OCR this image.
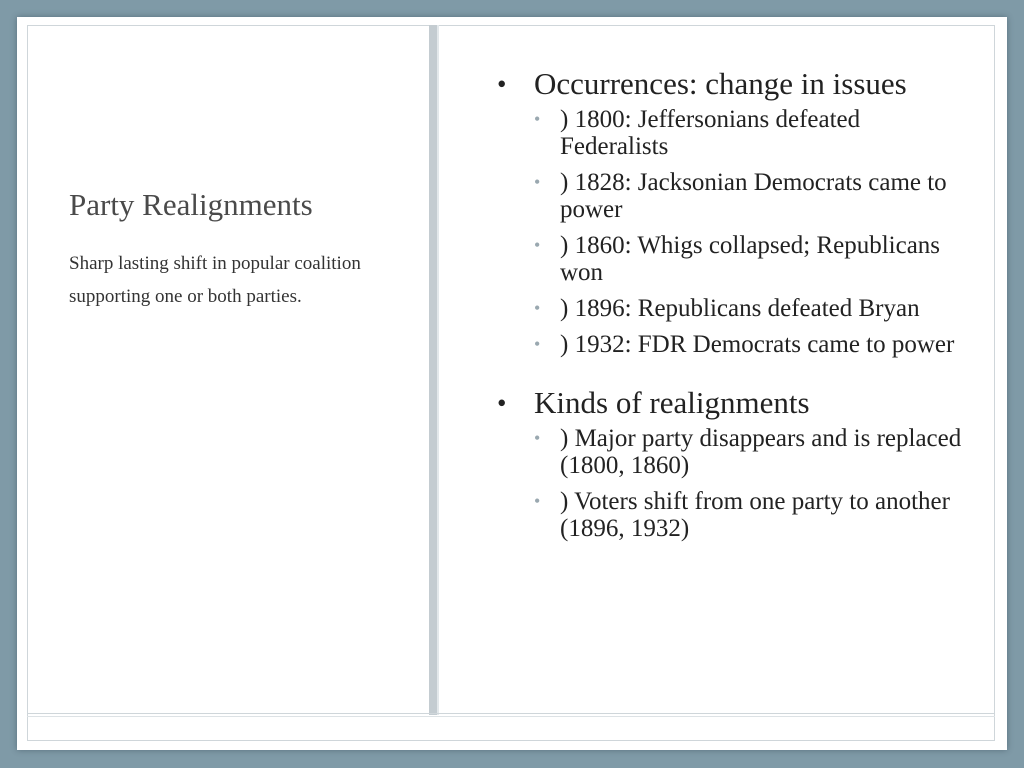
Party Realignments

Sharp lasting shift in popular coalition supporting one or both parties.

• Occurrences: change in issues

• ) 1800: Jeffersonians defeated Federalists

• ) 1828: Jacksonian Democrats came to power

• ) 1860: Whigs collapsed; Republicans won

• ) 1896: Republicans defeated Bryan

• ) 1932: FDR Democrats came to power

• Kinds of realignments

• ) Major party disappears and is replaced (1800, 1860)

• ) Voters shift from one party to another (1896, 1932)
